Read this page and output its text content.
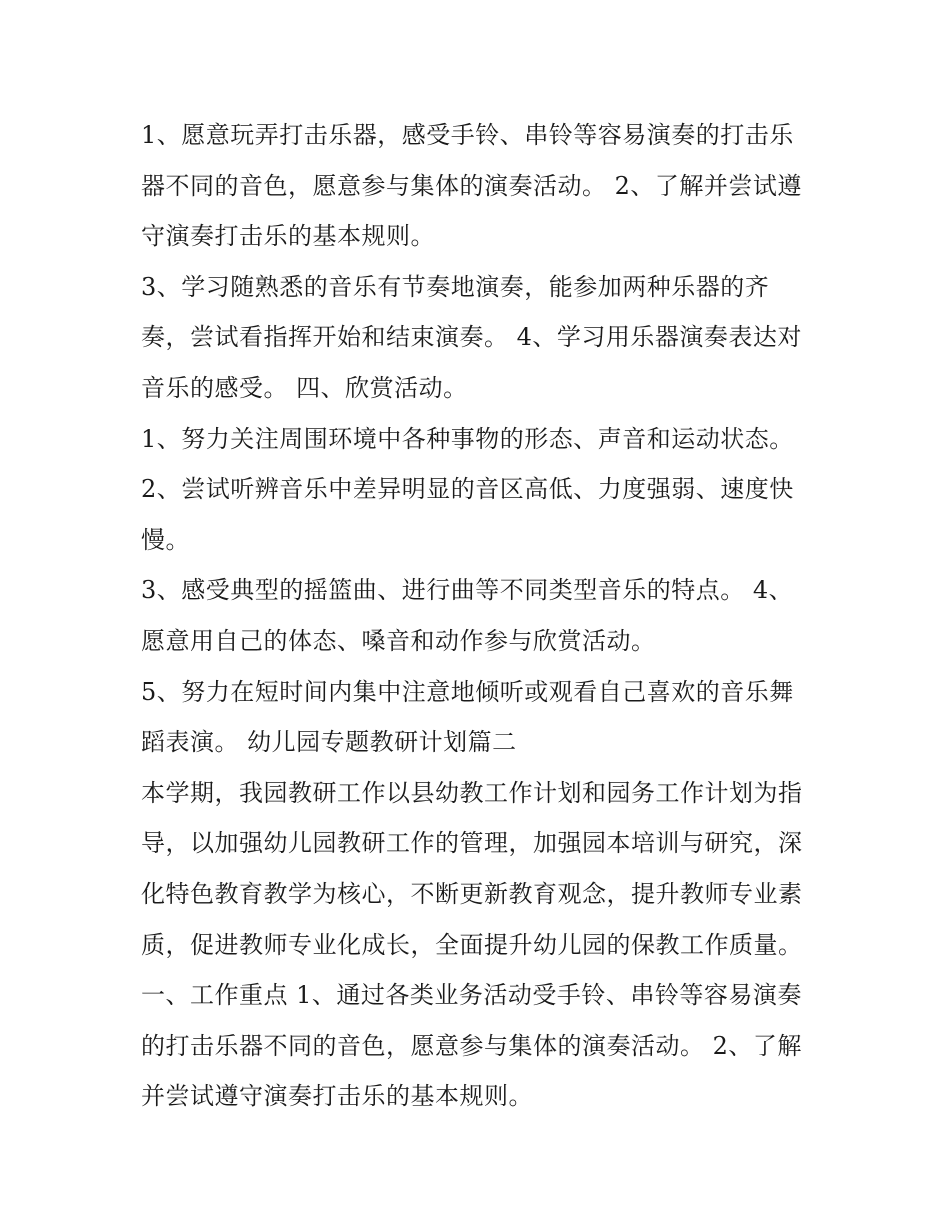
1、愿意玩弄打击乐器，感受手铃、串铃等容易演奏的打击乐
器不同的音色，愿意参与集体的演奏活动。 2、了解并尝试遵
守演奏打击乐的基本规则。
3、学习随熟悉的音乐有节奏地演奏，能参加两种乐器的齐
奏，尝试看指挥开始和结束演奏。 4、学习用乐器演奏表达对
音乐的感受。 四、欣赏活动。
1、努力关注周围环境中各种事物的形态、声音和运动状态。
2、尝试听辨音乐中差异明显的音区高低、力度强弱、速度快
慢。
3、感受典型的摇篮曲、进行曲等不同类型音乐的特点。 4、
愿意用自己的体态、嗓音和动作参与欣赏活动。
5、努力在短时间内集中注意地倾听或观看自己喜欢的音乐舞
蹈表演。 幼儿园专题教研计划篇二
本学期，我园教研工作以县幼教工作计划和园务工作计划为指
导，以加强幼儿园教研工作的管理，加强园本培训与研究，深
化特色教育教学为核心，不断更新教育观念，提升教师专业素
质，促进教师专业化成长，全面提升幼儿园的保教工作质量。
一、工作重点 1、通过各类业务活动受手铃、串铃等容易演奏
的打击乐器不同的音色，愿意参与集体的演奏活动。 2、了解
并尝试遵守演奏打击乐的基本规则。
